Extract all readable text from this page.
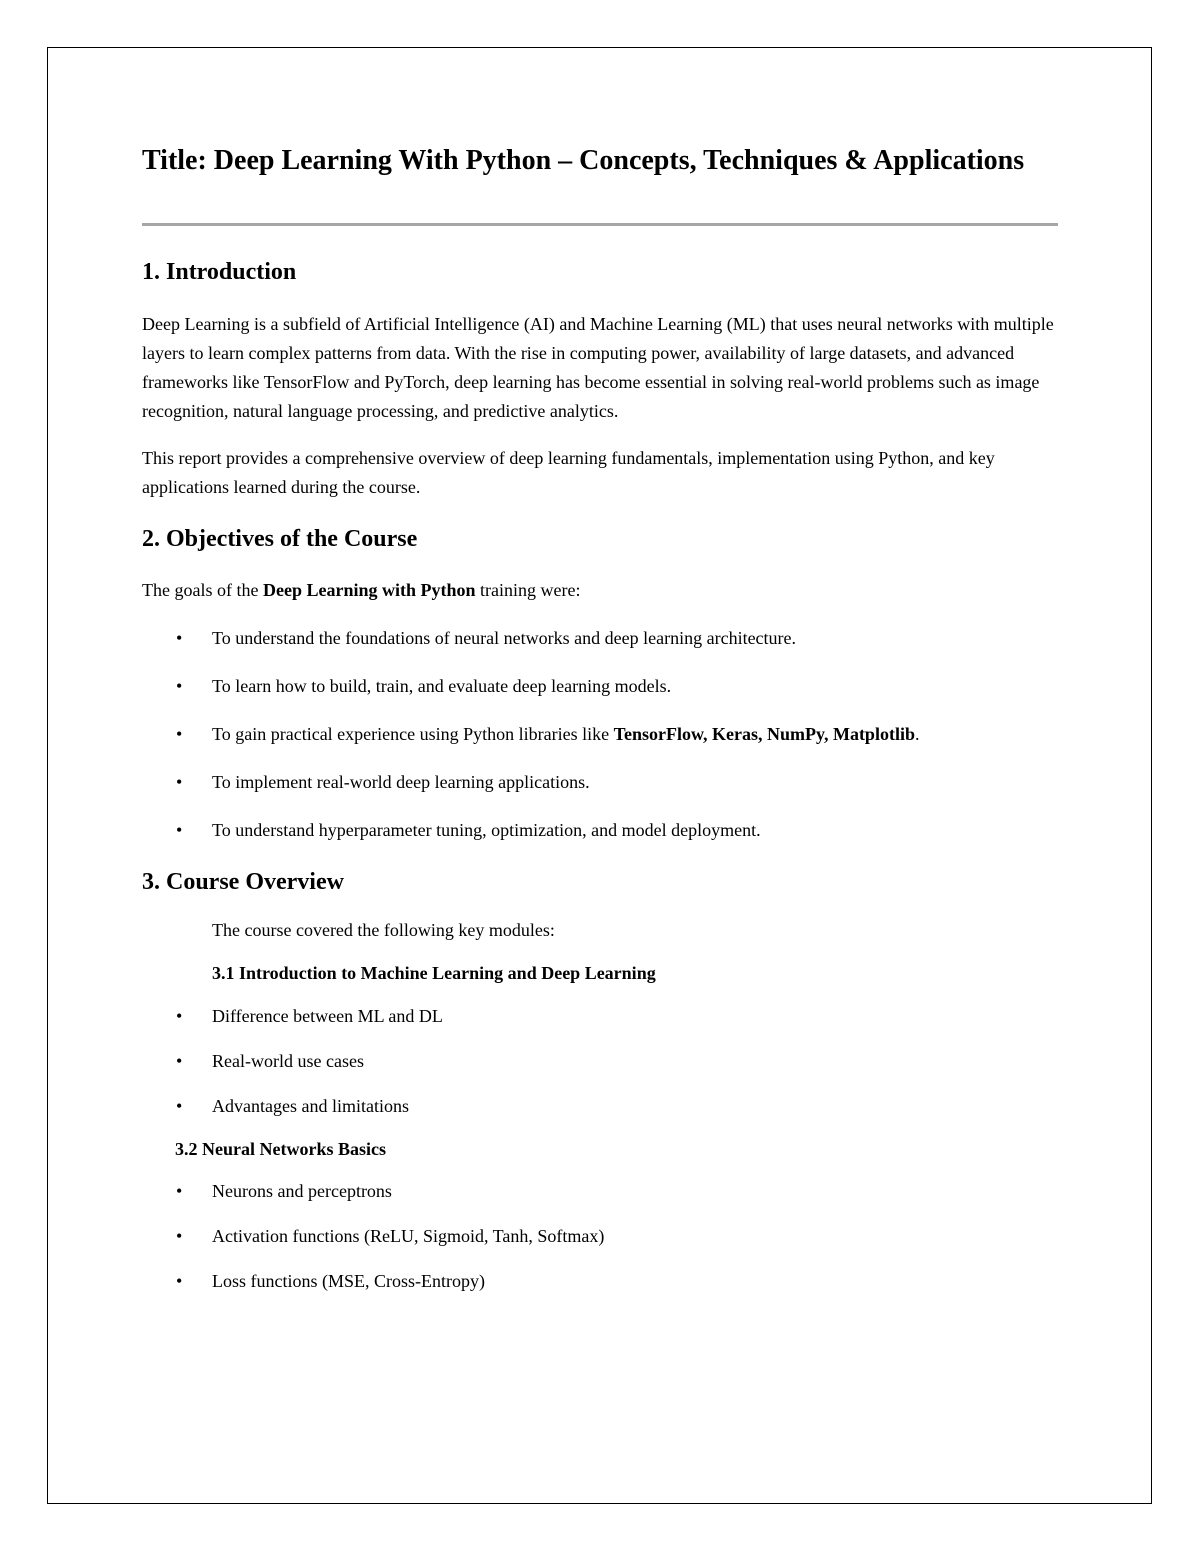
Title: Deep Learning With Python – Concepts, Techniques & Applications
1. Introduction

Deep Learning is a subfield of Artificial Intelligence (AI) and Machine Learning (ML) that uses neural networks with multiple layers to learn complex patterns from data. With the rise in computing power, availability of large datasets, and advanced frameworks like TensorFlow and PyTorch, deep learning has become essential in solving real-world problems such as image recognition, natural language processing, and predictive analytics.

This report provides a comprehensive overview of deep learning fundamentals, implementation using Python, and key applications learned during the course.

2. Objectives of the Course

The goals of the Deep Learning with Python training were:

• To understand the foundations of neural networks and deep learning architecture.
• To learn how to build, train, and evaluate deep learning models.
• To gain practical experience using Python libraries like TensorFlow, Keras, NumPy, Matplotlib.
• To implement real-world deep learning applications.
• To understand hyperparameter tuning, optimization, and model deployment.
3. Course Overview

The course covered the following key modules:

3.1 Introduction to Machine Learning and Deep Learning

• Difference between ML and DL
• Real-world use cases
• Advantages and limitations

3.2 Neural Networks Basics

• Neurons and perceptrons
• Activation functions (ReLU, Sigmoid, Tanh, Softmax)
• Loss functions (MSE, Cross-Entropy)
